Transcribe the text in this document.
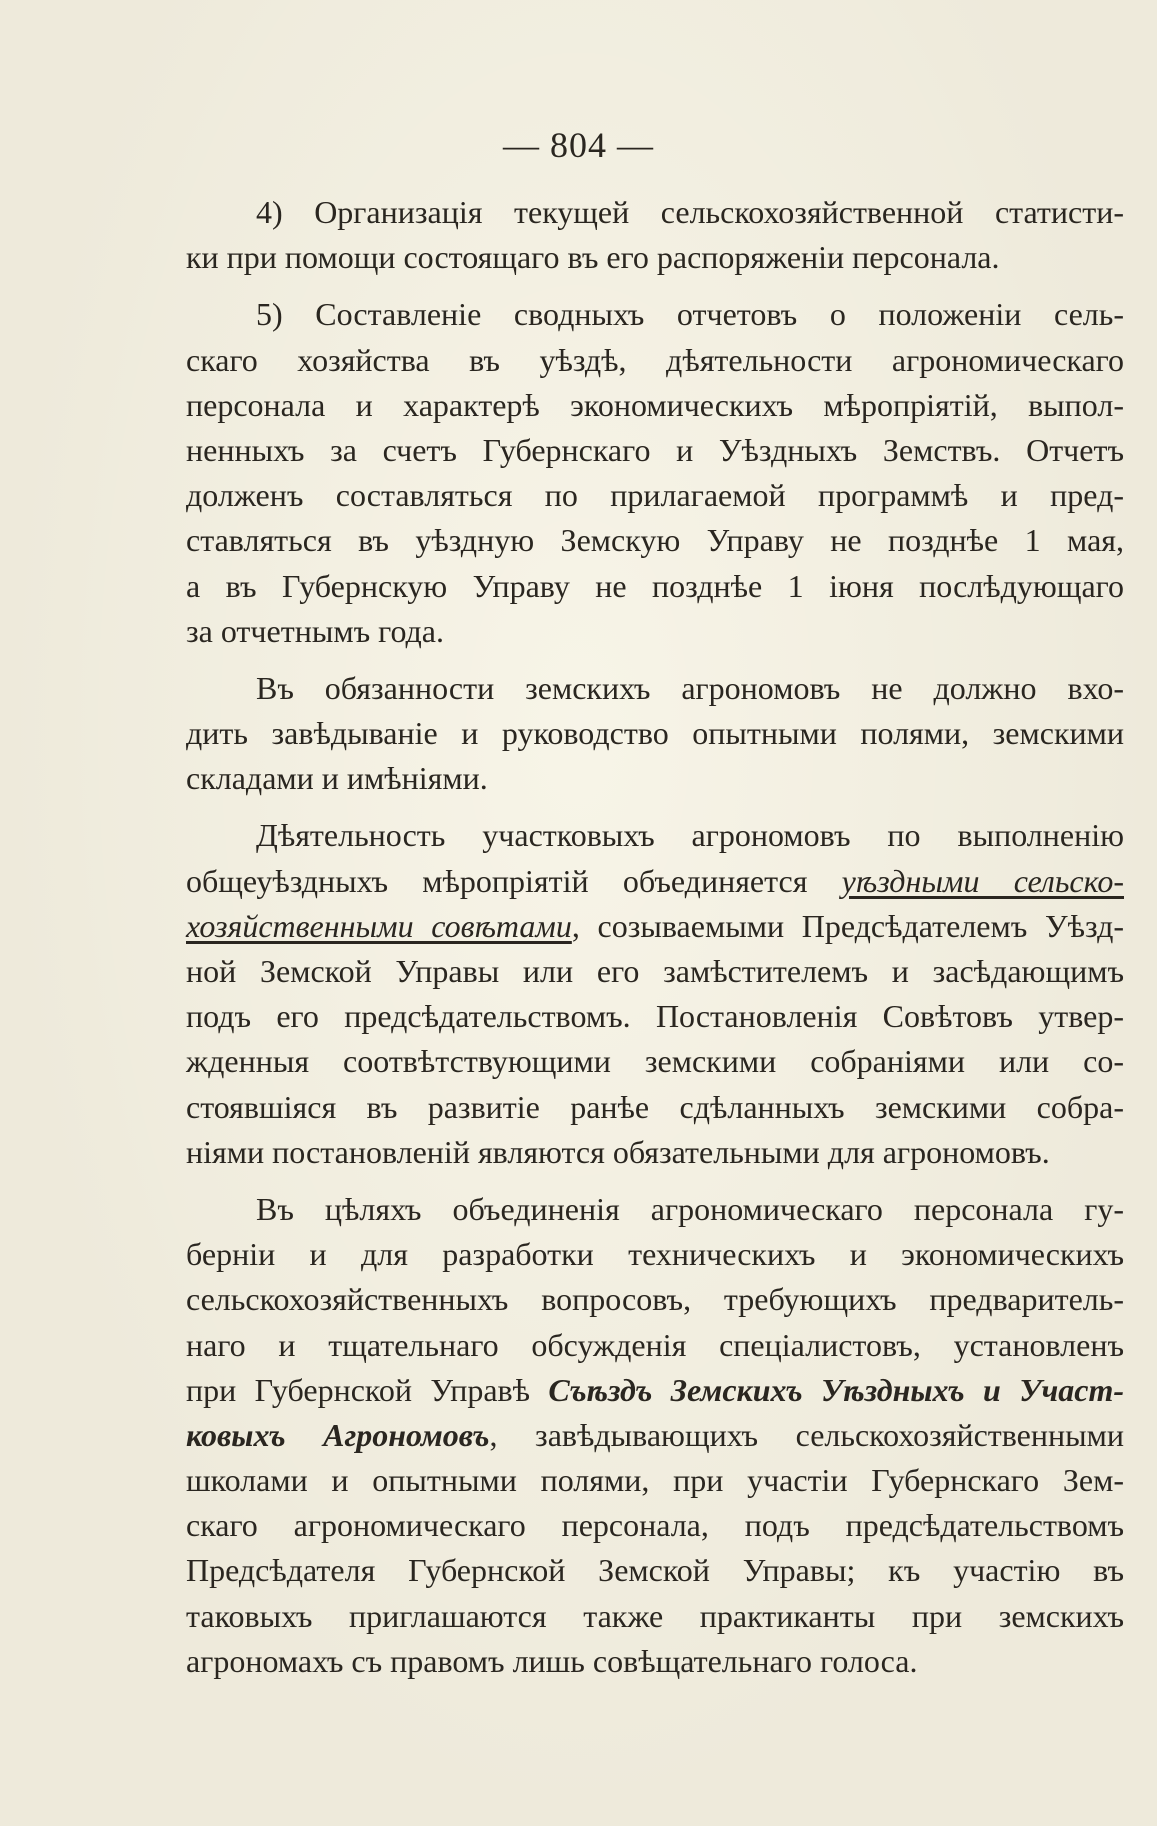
— 804 —

4) Организація текущей сельскохозяйственной статисти-
ки при помощи состоящаго въ его распоряженіи персонала.

5) Составленіе сводныхъ отчетовъ о положеніи сель-
скаго хозяйства въ уѣздѣ, дѣятельности агрономическаго
персонала и характерѣ экономическихъ мѣропріятій, выпол-
ненныхъ за счетъ Губернскаго и Уѣздныхъ Земствъ. Отчетъ
долженъ составляться по прилагаемой программѣ и пред-
ставляться въ уѣздную Земскую Управу не позднѣе 1 мая,
а въ Губернскую Управу не позднѣе 1 іюня послѣдующаго
за отчетнымъ года.

Въ обязанности земскихъ агрономовъ не должно вхо-
дить завѣдываніе и руководство опытными полями, земскими
складами и имѣніями.

Дѣятельность участковыхъ агрономовъ по выполненію
общеуѣздныхъ мѣропріятій объединяется уѣздными сельско-
хозяйственными совѣтами, созываемыми Предсѣдателемъ Уѣзд-
ной Земской Управы или его замѣстителемъ и засѣдающимъ
подъ его предсѣдательствомъ. Постановленія Совѣтовъ утвер-
жденныя соотвѣтствующими земскими собраніями или со-
стоявшіяся въ развитіе ранѣе сдѣланныхъ земскими собра-
ніями постановленій являются обязательными для агрономовъ.

Въ цѣляхъ объединенія агрономическаго персонала гу-
берніи и для разработки техническихъ и экономическихъ
сельскохозяйственныхъ вопросовъ, требующихъ предваритель-
наго и тщательнаго обсужденія спеціалистовъ, установленъ
при Губернской Управѣ Съѣздъ Земскихъ Уѣздныхъ и Участ-
ковыхъ Агрономовъ, завѣдывающихъ сельскохозяйственными
школами и опытными полями, при участіи Губернскаго Зем-
скаго агрономическаго персонала, подъ предсѣдательствомъ
Предсѣдателя Губернской Земской Управы; къ участію въ
таковыхъ приглашаются также практиканты при земскихъ
агрономахъ съ правомъ лишь совѣщательнаго голоса.
